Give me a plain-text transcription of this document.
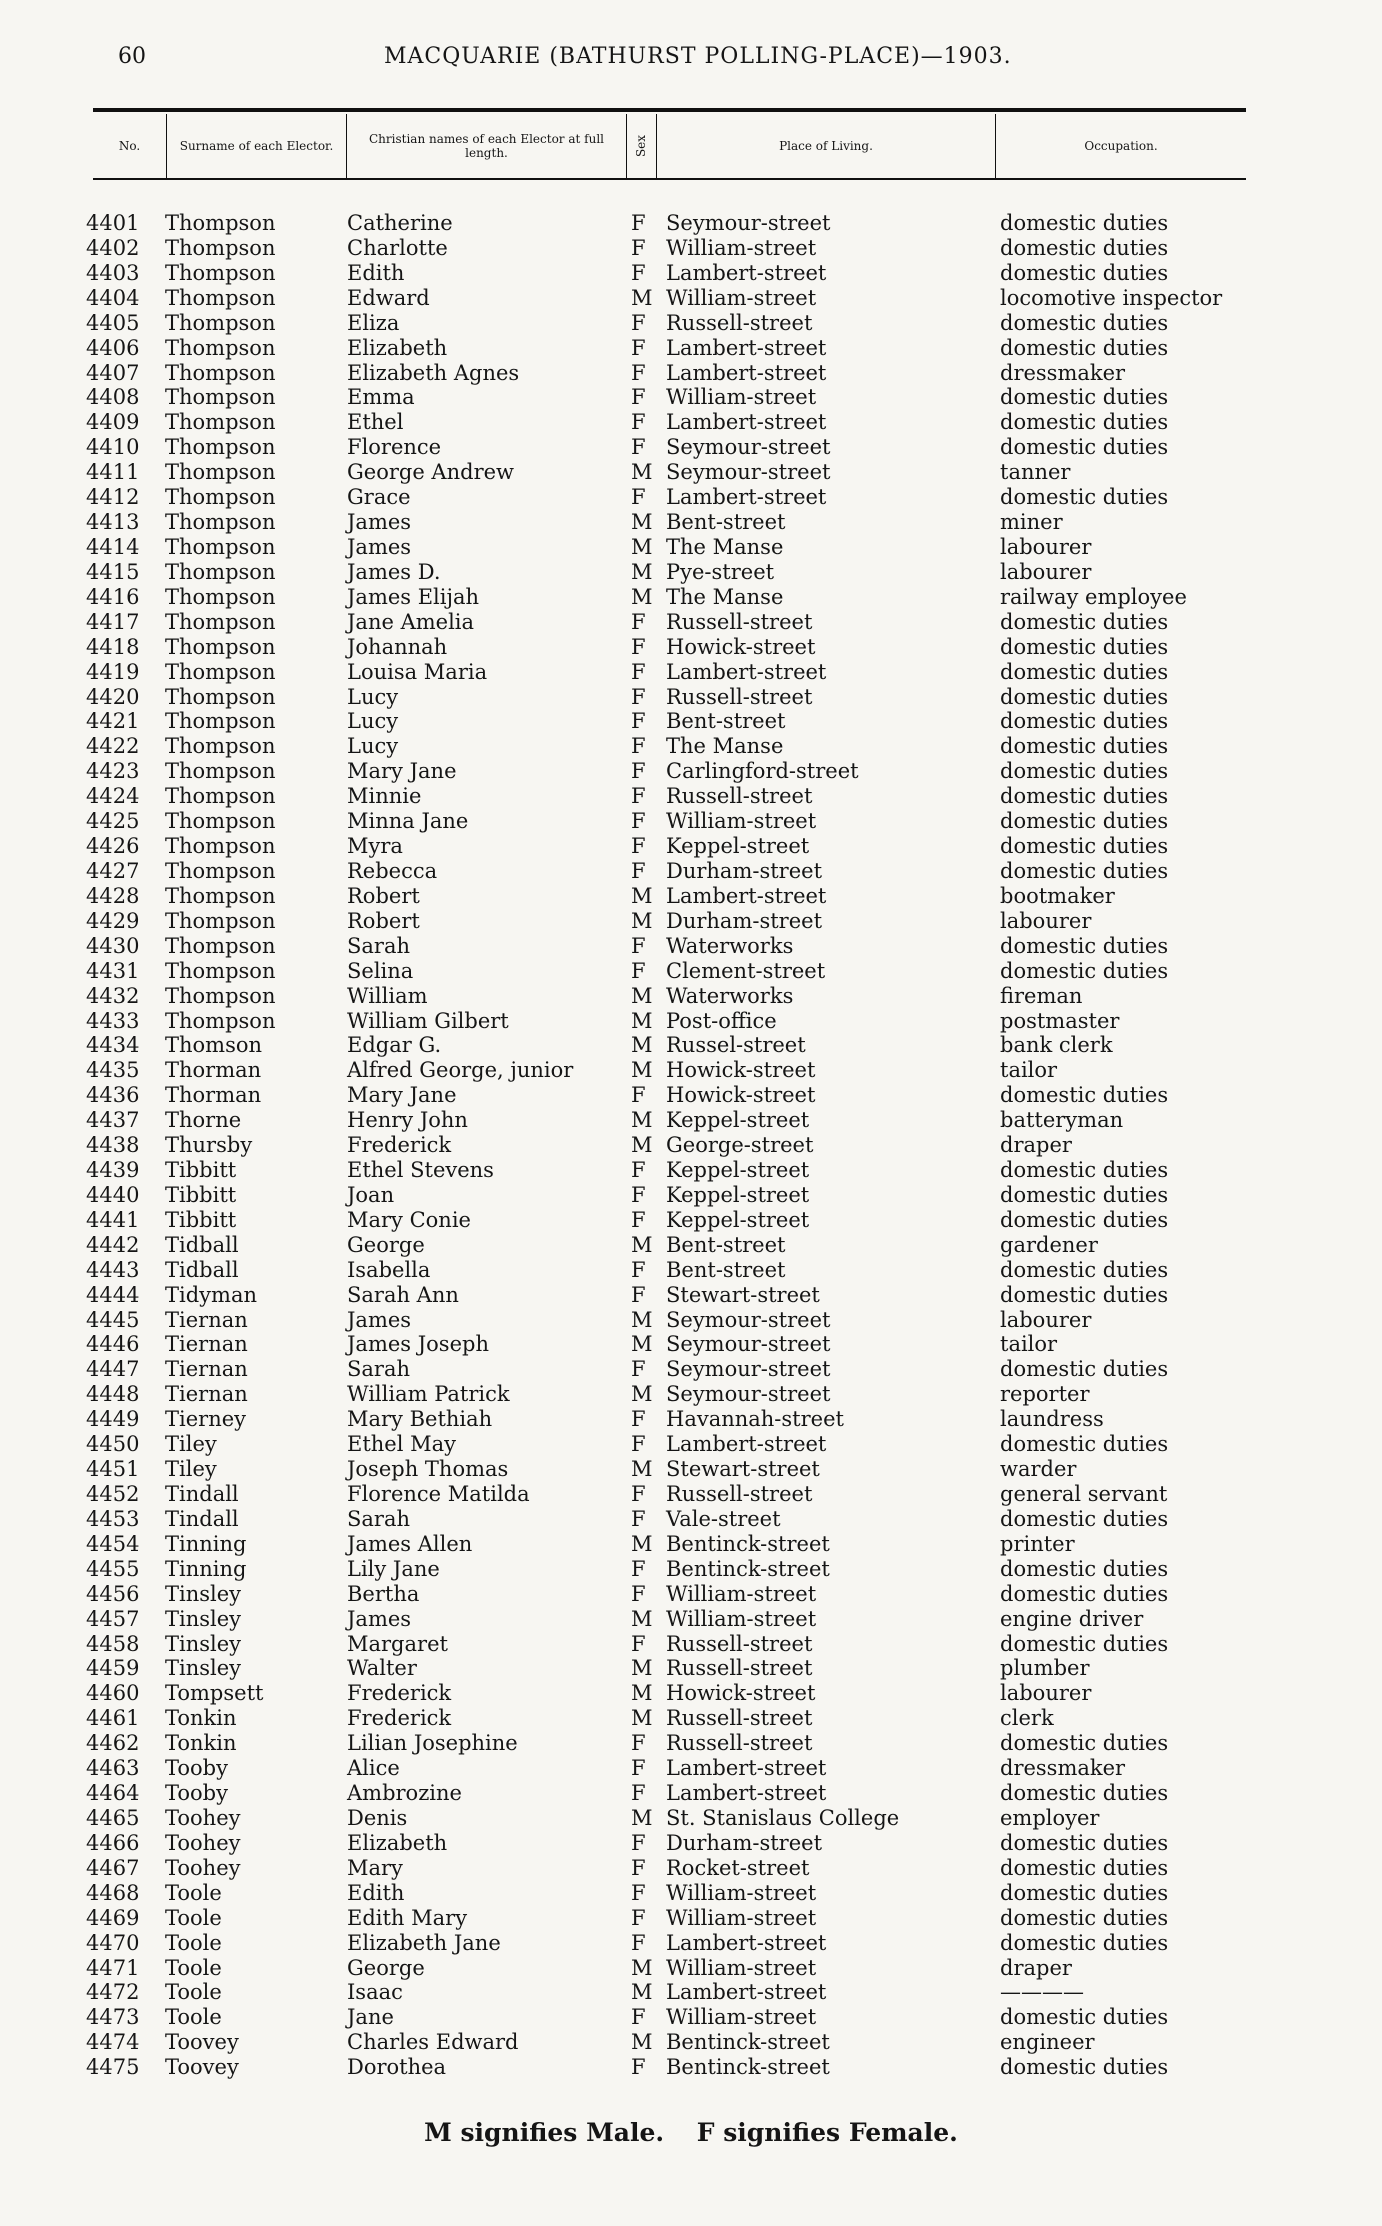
60	MACQUARIE (BATHURST POLLING-PLACE)—1903.
No.	Surname of each Elector.	Christian names of each Elector at full length.	Sex	Place of Living.	Occupation.
4401 Thompson	Catherine	F Seymour-street	domestic duties
4402 Thompson	Charlotte	F William-street	domestic duties
4403 Thompson	Edith	F Lambert-street	domestic duties
4404 Thompson	Edward	M William-street	locomotive inspector
4405 Thompson	Eliza	F Russell-street	domestic duties
4406 Thompson	Elizabeth	F Lambert-street	domestic duties
4407 Thompson	Elizabeth Agnes	F Lambert-street	dressmaker
4408 Thompson	Emma	F William-street	domestic duties
4409 Thompson	Ethel	F Lambert-street	domestic duties
4410 Thompson	Florence	F Seymour-street	domestic duties
4411 Thompson	George Andrew	M Seymour-street	tanner
4412 Thompson	Grace	F Lambert-street	domestic duties
4413 Thompson	James	M Bent-street	miner
4414 Thompson	James	M The Manse	labourer
4415 Thompson	James D.	M Pye-street	labourer
4416 Thompson	James Elijah	M The Manse	railway employee
4417 Thompson	Jane Amelia	F Russell-street	domestic duties
4418 Thompson	Johannah	F Howick-street	domestic duties
4419 Thompson	Louisa Maria	F Lambert-street	domestic duties
4420 Thompson	Lucy	F Russell-street	domestic duties
4421 Thompson	Lucy	F Bent-street	domestic duties
4422 Thompson	Lucy	F The Manse	domestic duties
4423 Thompson	Mary Jane	F Carlingford-street	domestic duties
4424 Thompson	Minnie	F Russell-street	domestic duties
4425 Thompson	Minna Jane	F William-street	domestic duties
4426 Thompson	Myra	F Keppel-street	domestic duties
4427 Thompson	Rebecca	F Durham-street	domestic duties
4428 Thompson	Robert	M Lambert-street	bootmaker
4429 Thompson	Robert	M Durham-street	labourer
4430 Thompson	Sarah	F Waterworks	domestic duties
4431 Thompson	Selina	F Clement-street	domestic duties
4432 Thompson	William	M Waterworks	fireman
4433 Thompson	William Gilbert	M Post-office	postmaster
4434 Thomson	Edgar G.	M Russel-street	bank clerk
4435 Thorman	Alfred George, junior	M Howick-street	tailor
4436 Thorman	Mary Jane	F Howick-street	domestic duties
4437 Thorne	Henry John	M Keppel-street	batteryman
4438 Thursby	Frederick	M George-street	draper
4439 Tibbitt	Ethel Stevens	F Keppel-street	domestic duties
4440 Tibbitt	Joan	F Keppel-street	domestic duties
4441 Tibbitt	Mary Conie	F Keppel-street	domestic duties
4442 Tidball	George	M Bent-street	gardener
4443 Tidball	Isabella	F Bent-street	domestic duties
4444 Tidyman	Sarah Ann	F Stewart-street	domestic duties
4445 Tiernan	James	M Seymour-street	labourer
4446 Tiernan	James Joseph	M Seymour-street	tailor
4447 Tiernan	Sarah	F Seymour-street	domestic duties
4448 Tiernan	William Patrick	M Seymour-street	reporter
4449 Tierney	Mary Bethiah	F Havannah-street	laundress
4450 Tiley	Ethel May	F Lambert-street	domestic duties
4451 Tiley	Joseph Thomas	M Stewart-street	warder
4452 Tindall	Florence Matilda	F Russell-street	general servant
4453 Tindall	Sarah	F Vale-street	domestic duties
4454 Tinning	James Allen	M Bentinck-street	printer
4455 Tinning	Lily Jane	F Bentinck-street	domestic duties
4456 Tinsley	Bertha	F William-street	domestic duties
4457 Tinsley	James	M William-street	engine driver
4458 Tinsley	Margaret	F Russell-street	domestic duties
4459 Tinsley	Walter	M Russell-street	plumber
4460 Tompsett	Frederick	M Howick-street	labourer
4461 Tonkin	Frederick	M Russell-street	clerk
4462 Tonkin	Lilian Josephine	F Russell-street	domestic duties
4463 Tooby	Alice	F Lambert-street	dressmaker
4464 Tooby	Ambrozine	F Lambert-street	domestic duties
4465 Toohey	Denis	M St. Stanislaus College	employer
4466 Toohey	Elizabeth	F Durham-street	domestic duties
4467 Toohey	Mary	F Rocket-street	domestic duties
4468 Toole	Edith	F William-street	domestic duties
4469 Toole	Edith Mary	F William-street	domestic duties
4470 Toole	Elizabeth Jane	F Lambert-street	domestic duties
4471 Toole	George	M William-street	draper
4472 Toole	Isaac	M Lambert-street	————
4473 Toole	Jane	F William-street	domestic duties
4474 Toovey	Charles Edward	M Bentinck-street	engineer
4475 Toovey	Dorothea	F Bentinck-street	domestic duties
M signifies Male. F signifies Female.
